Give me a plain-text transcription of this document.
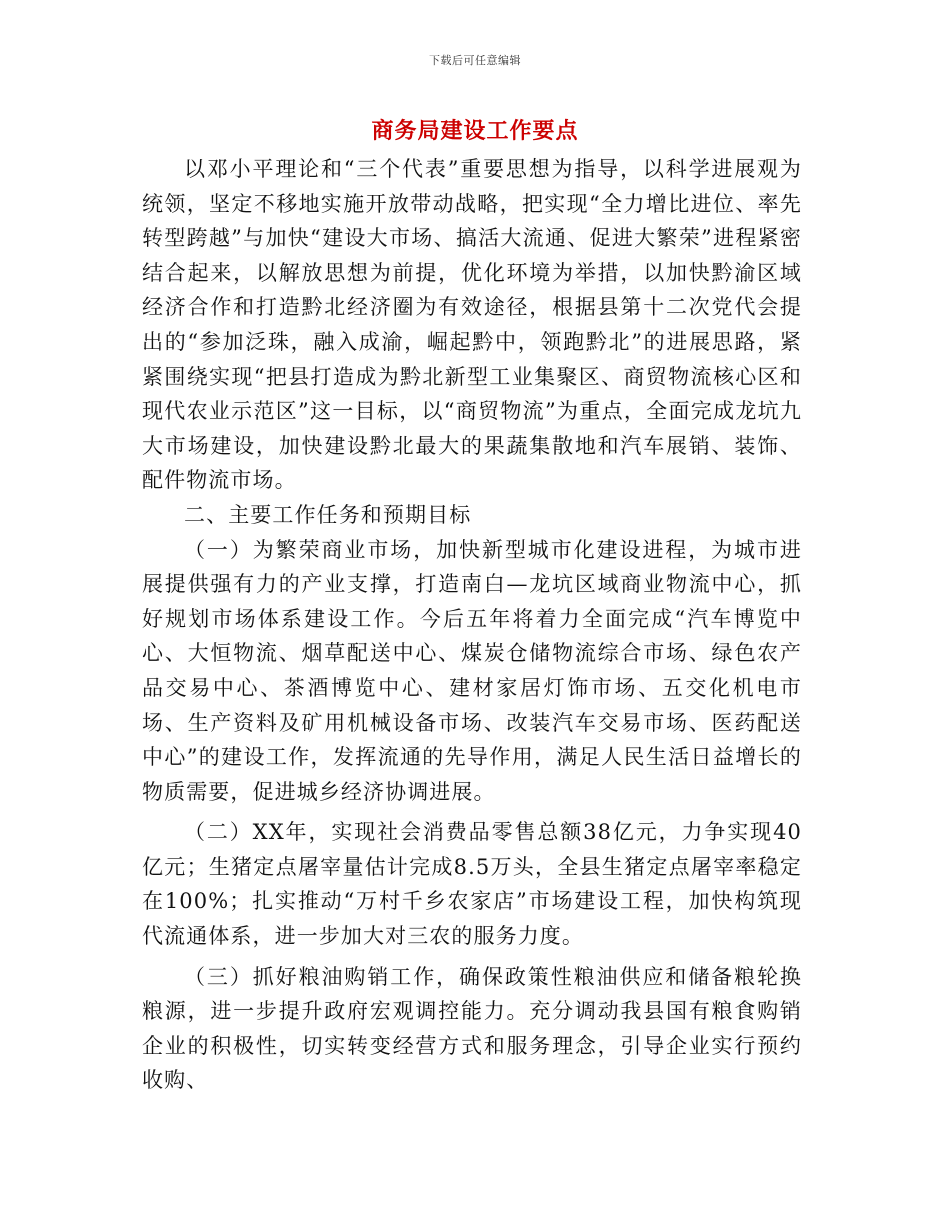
下载后可任意编辑
商务局建设工作要点

以邓小平理论和“三个代表”重要思想为指导，以科学进展观为统领，坚定不移地实施开放带动战略，把实现“全力增比进位、率先转型跨越”与加快“建设大市场、搞活大流通、促进大繁荣”进程紧密结合起来，以解放思想为前提，优化环境为举措，以加快黔渝区域经济合作和打造黔北经济圈为有效途径，根据县第十二次党代会提出的“参加泛珠，融入成渝，崛起黔中，领跑黔北”的进展思路，紧紧围绕实现“把县打造成为黔北新型工业集聚区、商贸物流核心区和现代农业示范区”这一目标，以“商贸物流”为重点，全面完成龙坑九大市场建设，加快建设黔北最大的果蔬集散地和汽车展销、装饰、配件物流市场。

二、主要工作任务和预期目标

（一）为繁荣商业市场，加快新型城市化建设进程，为城市进展提供强有力的产业支撑，打造南白—龙坑区域商业物流中心，抓好规划市场体系建设工作。今后五年将着力全面完成“汽车博览中心、大恒物流、烟草配送中心、煤炭仓储物流综合市场、绿色农产品交易中心、茶酒博览中心、建材家居灯饰市场、五交化机电市场、生产资料及矿用机械设备市场、改装汽车交易市场、医药配送中心”的建设工作，发挥流通的先导作用，满足人民生活日益增长的物质需要，促进城乡经济协调进展。

（二）XX年，实现社会消费品零售总额38亿元，力争实现40亿元；生猪定点屠宰量估计完成8.5万头，全县生猪定点屠宰率稳定在100%；扎实推动“万村千乡农家店”市场建设工程，加快构筑现代流通体系，进一步加大对三农的服务力度。

（三）抓好粮油购销工作，确保政策性粮油供应和储备粮轮换粮源，进一步提升政府宏观调控能力。充分调动我县国有粮食购销企业的积极性，切实转变经营方式和服务理念，引导企业实行预约收购、
